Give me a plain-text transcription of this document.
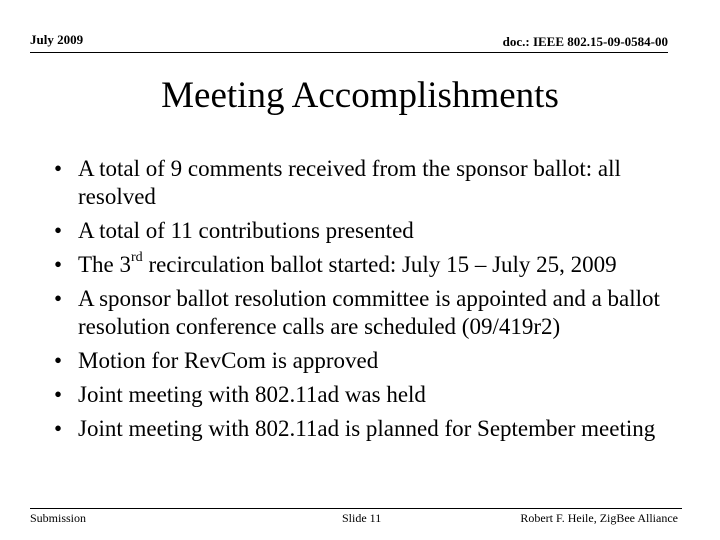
July 2009	doc.: IEEE 802.15-09-0584-00
Meeting Accomplishments
• A total of 9 comments received from the sponsor ballot: all resolved
• A total of 11 contributions presented
• The 3rd recirculation ballot started: July 15 – July 25, 2009
• A sponsor ballot resolution committee is appointed and a ballot resolution conference calls are scheduled (09/419r2)
• Motion for RevCom is approved
• Joint meeting with 802.11ad was held
• Joint meeting with 802.11ad is planned for September meeting
Submission	Slide 11	Robert F. Heile, ZigBee Alliance
